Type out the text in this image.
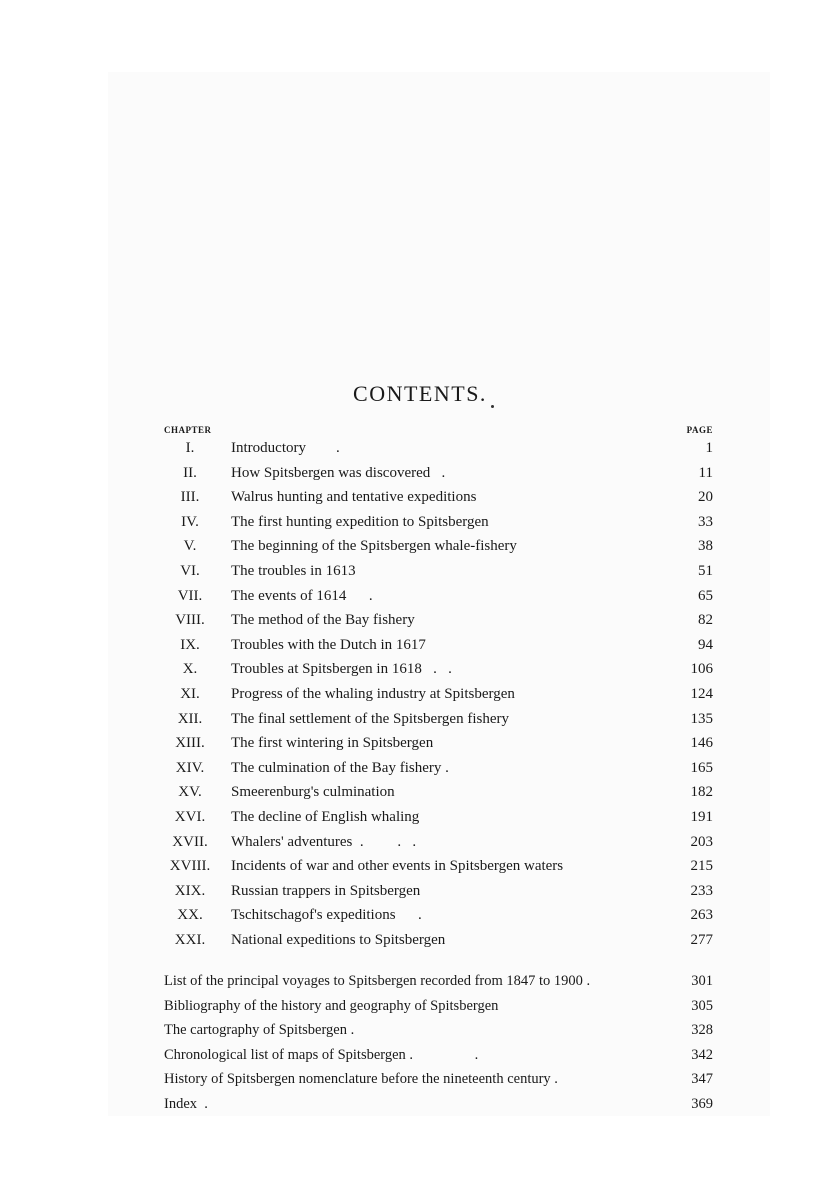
CONTENTS.
CHAPTER	PAGE
I.	Introductory        .	1
II.	How Spitsbergen was discovered   .	11
III.	Walrus hunting and tentative expeditions	20
IV.	The first hunting expedition to Spitsbergen	33
V.	The beginning of the Spitsbergen whale-fishery	38
VI.	The troubles in 1613	51
VII.	The events of 1614      .	65
VIII.	The method of the Bay fishery	82
IX.	Troubles with the Dutch in 1617	94
X.	Troubles at Spitsbergen in 1618   .   .	106
XI.	Progress of the whaling industry at Spitsbergen	124
XII.	The final settlement of the Spitsbergen fishery	135
XIII.	The first wintering in Spitsbergen	146
XIV.	The culmination of the Bay fishery .	165
XV.	Smeerenburg's culmination	182
XVI.	The decline of English whaling	191
XVII.	Whalers' adventures  .         .   .	203
XVIII.	Incidents of war and other events in Spitsbergen waters	215
XIX.	Russian trappers in Spitsbergen	233
XX.	Tschitschagof's expeditions      .	263
XXI.	National expeditions to Spitsbergen	277
List of the principal voyages to Spitsbergen recorded from 1847 to 1900 .	301
Bibliography of the history and geography of Spitsbergen	305
The cartography of Spitsbergen .	328
Chronological list of maps of Spitsbergen .                 .	342
History of Spitsbergen nomenclature before the nineteenth century .	347
Index  .	369
